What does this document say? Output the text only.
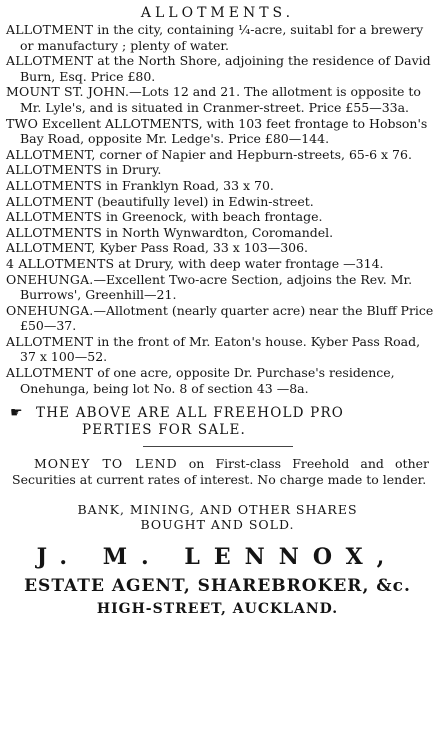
ALLOTMENTS.

ALLOTMENT in the city, containing ¼-acre, suitabl for a brewery or manufactury ; plenty of water.

ALLOTMENT at the North Shore, adjoining the residence of David Burn, Esq. Price £80.

MOUNT ST. JOHN.—Lots 12 and 21. The allotment is opposite to Mr. Lyle's, and is situated in Cranmer-street. Price £55—33a.

TWO Excellent ALLOTMENTS, with 103 feet frontage to Hobson's Bay Road, opposite Mr. Ledge's. Price £80—144.

ALLOTMENT, corner of Napier and Hepburn-streets, 65-6 x 76.

ALLOTMENTS in Drury.

ALLOTMENTS in Franklyn Road, 33 x 70.

ALLOTMENT (beautifully level) in Edwin-street.

ALLOTMENTS in Greenock, with beach frontage.

ALLOTMENTS in North Wynwardton, Coromandel.

ALLOTMENT, Kyber Pass Road, 33 x 103—306.

4 ALLOTMENTS at Drury, with deep water frontage —314.

ONEHUNGA.—Excellent Two-acre Section, adjoins the Rev. Mr. Burrows', Greenhill—21.

ONEHUNGA.—Allotment (nearly quarter acre) near the Bluff Price £50—37.

ALLOTMENT in the front of Mr. Eaton's house. Kyber Pass Road, 37 x 100—52.

ALLOTMENT of one acre, opposite Dr. Purchase's residence, Onehunga, being lot No. 8 of section 43 —8a.

☛ THE ABOVE ARE ALL FREEHOLD PRO
PERTIES FOR SALE.
MONEY TO LEND on First-class Freehold and other Securities at current rates of interest. No charge made to lender.
BANK, MINING, AND OTHER SHARES
BOUGHT AND SOLD.
J. M. LENNOX,
ESTATE AGENT, SHAREBROKER, &c.
HIGH-STREET, AUCKLAND.
